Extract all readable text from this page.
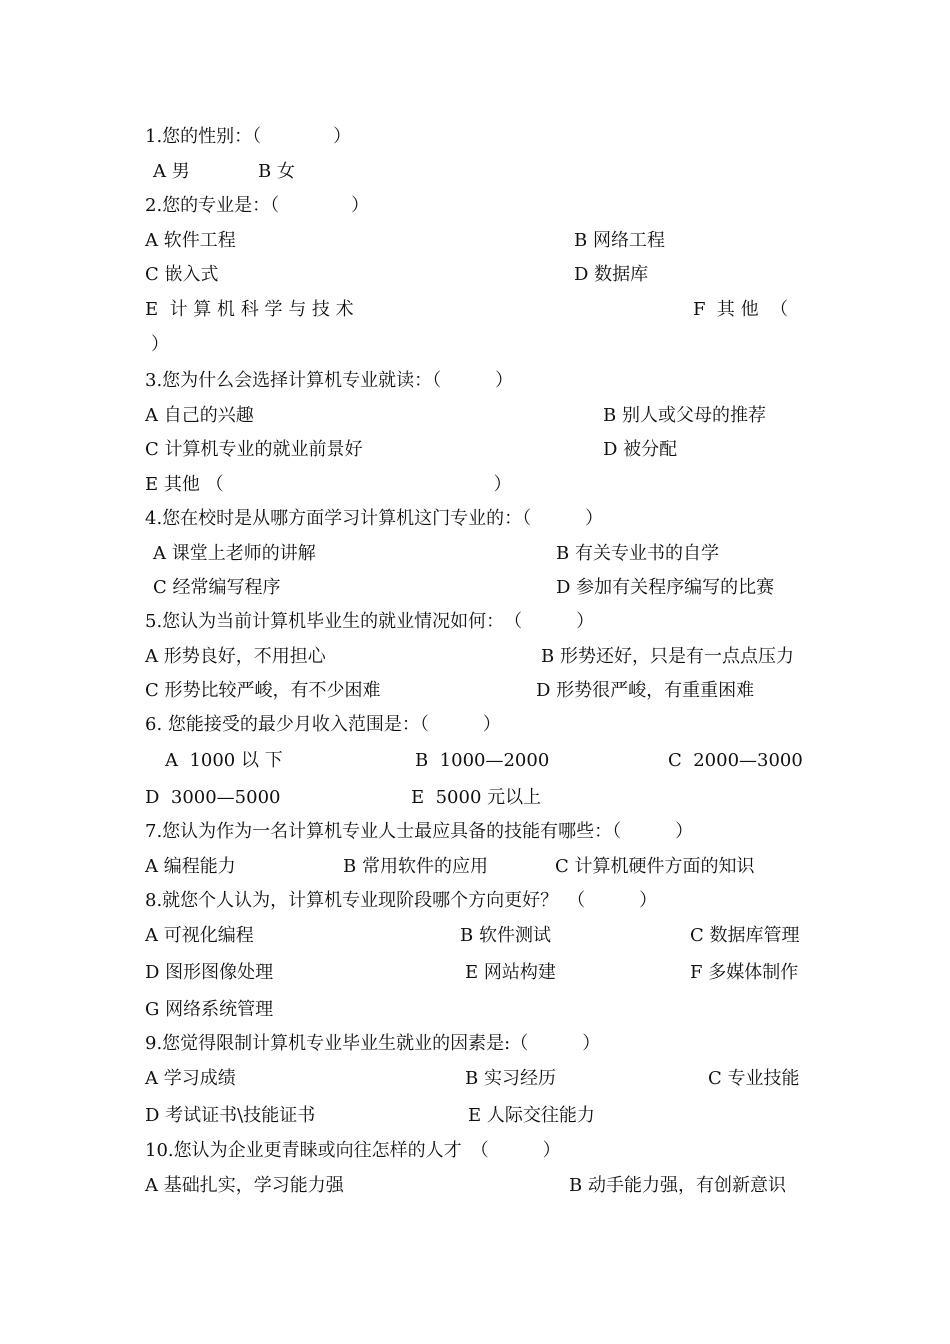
1.您的性别：（　　　　）
A 男	B 女
2.您的专业是：（　　　　）
A 软件工程	B 网络工程
C 嵌入式	D 数据库
E  计 算 机 科 学 与 技 术	F  其 他  （
）
3.您为什么会选择计算机专业就读：（　　　）
A 自己的兴趣	B 别人或父母的推荐
C 计算机专业的就业前景好	D 被分配
E 其他 （　　　　　　　　　　　　　　　）
4.您在校时是从哪方面学习计算机这门专业的：（　　　）
A 课堂上老师的讲解	B 有关专业书的自学
C 经常编写程序	D 参加有关程序编写的比赛
5.您认为当前计算机毕业生的就业情况如何：　（　　　）
A 形势良好，不用担心	B 形势还好，只是有一点点压力
C 形势比较严峻，有不少困难	D 形势很严峻，有重重困难
6. 您能接受的最少月收入范围是：（　　　）
A  1000 以 下	B  1000—2000	C  2000—3000
D  3000—5000	E  5000 元以上
7.您认为作为一名计算机专业人士最应具备的技能有哪些：（　　　）
A 编程能力	B 常用软件的应用	C 计算机硬件方面的知识
8.就您个人认为，计算机专业现阶段哪个方向更好？　（　　　）
A 可视化编程	B 软件测试	C 数据库管理
D 图形图像处理	E 网站构建	F 多媒体制作
G 网络系统管理
9.您觉得限制计算机专业毕业生就业的因素是:（　　　）
A 学习成绩	B 实习经历	C 专业技能
D 考试证书\技能证书	E 人际交往能力
10.您认为企业更青睐或向往怎样的人才　（　　　）
A 基础扎实，学习能力强	B 动手能力强，有创新意识
